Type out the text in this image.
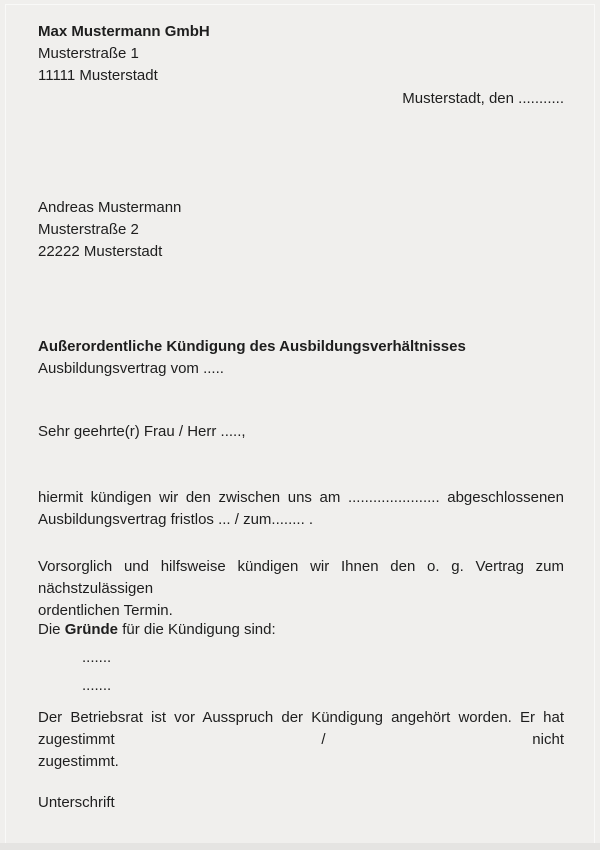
Max Mustermann GmbH
Musterstraße 1
11111 Musterstadt
Musterstadt, den ...........
Andreas Mustermann
Musterstraße 2
22222 Musterstadt
Außerordentliche Kündigung des Ausbildungsverhältnisses
Ausbildungsvertrag vom .....
Sehr geehrte(r) Frau / Herr .....,
hiermit kündigen wir den zwischen uns am ...................... abgeschlossenen
Ausbildungsvertrag fristlos ... / zum........ .
Vorsorglich und hilfsweise kündigen wir Ihnen den o. g. Vertrag zum nächstzulässigen
ordentlichen Termin.
Die Gründe für die Kündigung sind:
.......
.......
Der Betriebsrat ist vor Ausspruch der Kündigung angehört worden. Er hat zugestimmt / nicht
zugestimmt.
Unterschrift
